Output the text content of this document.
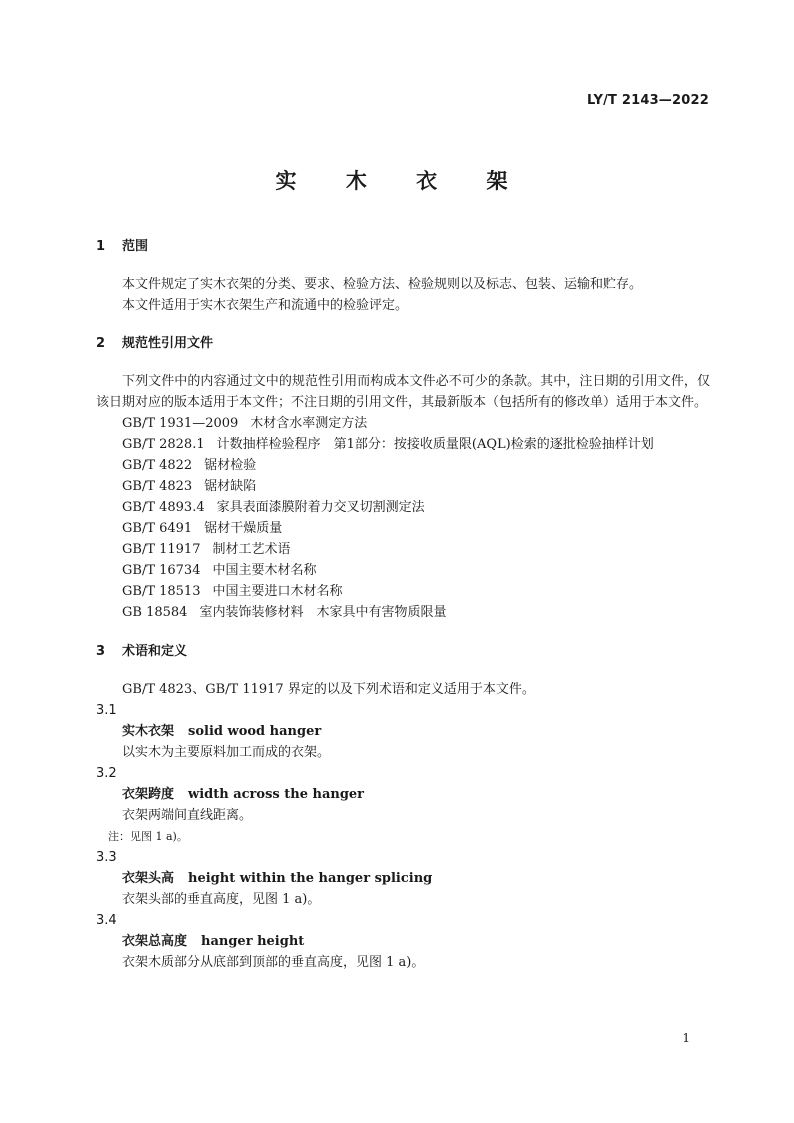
LY/T 2143—2022
实 木 衣 架

1 范围

本文件规定了实木衣架的分类、要求、检验方法、检验规则以及标志、包装、运输和贮存。

本文件适用于实木衣架生产和流通中的检验评定。

2 规范性引用文件

下列文件中的内容通过文中的规范性引用而构成本文件必不可少的条款。其中，注日期的引用文件，仅该日期对应的版本适用于本文件；不注日期的引用文件，其最新版本（包括所有的修改单）适用于本文件。

GB/T 1931—2009 木材含水率测定方法

GB/T 2828.1 计数抽样检验程序　第1部分：按接收质量限(AQL)检索的逐批检验抽样计划

GB/T 4822 锯材检验

GB/T 4823 锯材缺陷

GB/T 4893.4 家具表面漆膜附着力交叉切割测定法

GB/T 6491 锯材干燥质量

GB/T 11917 制材工艺术语

GB/T 16734 中国主要木材名称

GB/T 18513 中国主要进口木材名称

GB 18584 室内装饰装修材料　木家具中有害物质限量

3 术语和定义

GB/T 4823、GB/T 11917 界定的以及下列术语和定义适用于本文件。

3.1

实木衣架 solid wood hanger

以实木为主要原料加工而成的衣架。

3.2

衣架跨度 width across the hanger

衣架两端间直线距离。

注：见图 1 a)。

3.3

衣架头高 height within the hanger splicing

衣架头部的垂直高度，见图 1 a)。

3.4

衣架总高度 hanger height

衣架木质部分从底部到顶部的垂直高度，见图 1 a)。

1
